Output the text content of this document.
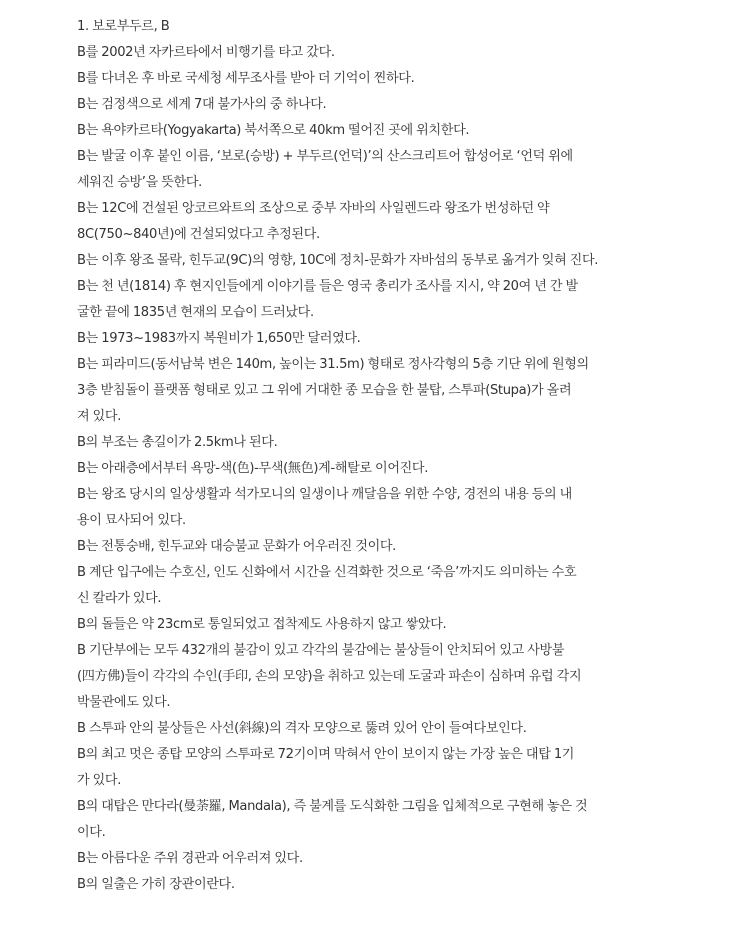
1. 보로부두르, B
B를 2002년 자카르타에서 비행기를 타고 갔다.
B를 다녀온 후 바로 국세청 세무조사를 받아 더 기억이 찐하다.
B는 검정색으로 세계 7대 불가사의 중 하나다.
B는 욕야카르타(Yogyakarta) 북서쪽으로 40km 떨어진 곳에 위치한다.
B는 발굴 이후 붙인 이름, ‘보로(승방) + 부두르(언덕)’의 산스크리트어 합성어로 ‘언덕 위에
세워진 승방’을 뜻한다.
B는 12C에 건설된 앙코르와트의 조상으로 중부 자바의 사일렌드라 왕조가 번성하던 약
8C(750~840년)에 건설되었다고 추정된다.
B는 이후 왕조 몰락, 힌두교(9C)의 영향, 10C에 정치-문화가 자바섬의 동부로 옮겨가 잊혀 진다.
B는 천 년(1814) 후 현지인들에게 이야기를 들은 영국 총리가 조사를 지시, 약 20여 년 간 발
굴한 끝에 1835년 현재의 모습이 드러났다.
B는 1973~1983까지 복원비가 1,650만 달러였다.
B는 피라미드(동서남북 변은 140m, 높이는 31.5m) 형태로 정사각형의 5층 기단 위에 원형의
3층 받침돌이 플랫폼 형태로 있고 그 위에 거대한 종 모습을 한 불탑, 스투파(Stupa)가 올려
져 있다.
B의 부조는 총길이가 2.5km나 된다.
B는 아래층에서부터 욕망-색(色)-무색(無色)계-해탈로 이어진다.
B는 왕조 당시의 일상생활과 석가모니의 일생이나 깨달음을 위한 수양, 경전의 내용 등의 내
용이 묘사되어 있다.
B는 전통숭배, 힌두교와 대승불교 문화가 어우러진 것이다.
B 계단 입구에는 수호신, 인도 신화에서 시간을 신격화한 것으로 ‘죽음’까지도 의미하는 수호
신 칼라가 있다.
B의 돌들은 약 23cm로 통일되었고 접착제도 사용하지 않고 쌓았다.
B 기단부에는 모두 432개의 불감이 있고 각각의 불감에는 불상들이 안치되어 있고 사방불
(四方佛)들이 각각의 수인(手印, 손의 모양)을 취하고 있는데 도굴과 파손이 심하며 유럽 각지
박물관에도 있다.
B 스투파 안의 불상들은 사선(斜線)의 격자 모양으로 뚫려 있어 안이 들여다보인다.
B의 최고 멋은 종탑 모양의 스투파로 72기이며 막혀서 안이 보이지 않는 가장 높은 대탑 1기
가 있다.
B의 대탑은 만다라(曼荼羅, Mandala), 즉 불계를 도식화한 그림을 입체적으로 구현해 놓은 것
이다.
B는 아름다운 주위 경관과 어우러져 있다.
B의 일출은 가히 장관이란다.
